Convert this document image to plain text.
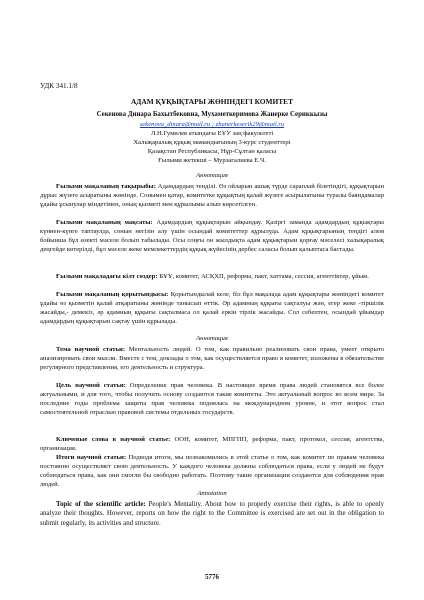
УДК 341.1/8
АДАМ ҚҰҚЫҚТАРЫ ЖӨНІНДЕГІ КОМИТЕТ
Секенова Динара Бахытбековна, Мухаметкеримова Жанерке Сериккызы
sekenova_dinara@mail.ru ; zhanerkeserik29@mail.ru
Л.Н.Гумилев атындағы ЕҰУ заң факультеті
Халықаралық құқық мамандығының 3-курс студенттері
Қазақстан Республикасы, Нұр-Сұлтан қаласы
Ғылыми жетекші – Мурзагалиева Е.Ч.
Аннотация
Ғылыми мақаланың тақырыбы: Адамдардың тенділі. Өз ойларын ашық түрде сараплай білетіндігі, құқықтарын дұрыс жүзеге асыратыны жөнінде. Сонымен қатар, комитетке құқықтың қалай жүзеге асырылатыны туралы баяндамалар ұдайы ұсынулар міндетімен, оның қызметі мен құрылымы алып көрсетілген.
Ғылыми мақаланың мақсаты: Адамдардың құқықтарын айқындау. Қазіргі заманда адамдардың құқықтары күннен-күнге таптаулда, сонын негізін алу үшін осындай комитеттер құрылуда. Адам құқықтарының теңдігі алем бойынша бұл өзекті мәселе болып табылады. Осы соңғы он жылдықта адам құқықтарын қорғау мәселесі халықаралық деңгейде көтерілді, бұл мәселе жеке мемлекеттердің құқық жүйесінің дербес саласы болып қалыптаса бастады.
Ғылыми мақаладағы кілт сөздер: БҰҰ, комитет, АСҚХП, реформа, пакт, хаттама, сессия, агенттіктер, ұйым.
Ғылыми мақаланың қорытындысы: Қорытындылай келе, біз бұл мақалада адам құқықтары жөніндегі комитет ұдайы өз қызметін қалай атқаратыны жөнінде танысып өттік. Әр адамның құқығы сақталуы жән, егер жеке -тіршілік жасайды,- демекіз, әр адамның құқығы сақталмаса ол қалай еркін тірлік жасайды. Сол себептен, осындай ұйымдар адамдардың құқықтарын сақтау үшін құрылады.
Аннотация
Тема научной статьи: Ментальность людей. О том, как правильно реализовать свои права, умеет открыто анализировать свои мысли. Вместе с тем, доклады о том, как осуществляется право в комитет, изложены в обязательстве регулярного представления, его деятельность и структура.
Цель научной статьи: Определение прав человека. В настоящее время права людей становятся все более актуальными, и для того, чтобы получить основу создаются такие комитеты. Это актуальный вопрос во всем мире. За последние годы проблема защиты прав человека поднялась на международном уровне, и этот вопрос стал самостоятельной отраслью правовой системы отдельных государств.
Ключевые слова в научной статье: ООН, комитет, МПГПП, реформа, пакт, протокол, сессия, агентства, организация.
Итоги научной статьи: Подводя итоги, мы познакомились в этой статье о том, как комитет по правам человека постоянно осуществляет свою деятельность. У каждого человека должны соблюдаться права, если у людей не будут соблюдаться права, как они смогли бы свободно работать. Поэтому такие организации создаются для соблюдения прав людей.
Annotation
Topic of the scientific article: People's Mentality. About how to properly exercise their rights, is able to openly analyze their thoughts. However, reports on how the right to the Committee is exercised are set out in the obligation to submit regularly, its activities and structure.
5776
